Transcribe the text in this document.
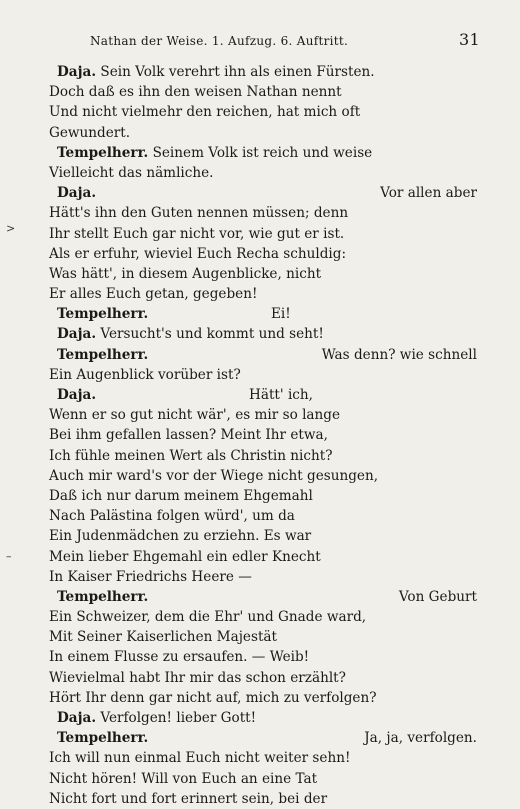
Nathan der Weise. 1. Aufzug. 6. Auftritt.	31
>
–
Daja. Sein Volk verehrt ihn als einen Fürsten.
Doch daß es ihn den weisen Nathan nennt
Und nicht vielmehr den reichen, hat mich oft
Gewundert.
Tempelherr. Seinem Volk ist reich und weise
Vielleicht das nämliche.
Daja.	Vor allen aber
Hätt's ihn den Guten nennen müssen; denn
Ihr stellt Euch gar nicht vor, wie gut er ist.
Als er erfuhr, wieviel Euch Recha schuldig:
Was hätt', in diesem Augenblicke, nicht
Er alles Euch getan, gegeben!
Tempelherr.	Ei!
Daja. Versucht's und kommt und seht!
Tempelherr.	Was denn? wie schnell
Ein Augenblick vorüber ist?
Daja.	Hätt' ich,
Wenn er so gut nicht wär', es mir so lange
Bei ihm gefallen lassen? Meint Ihr etwa,
Ich fühle meinen Wert als Christin nicht?
Auch mir ward's vor der Wiege nicht gesungen,
Daß ich nur darum meinem Ehgemahl
Nach Palästina folgen würd', um da
Ein Judenmädchen zu erziehn. Es war
Mein lieber Ehgemahl ein edler Knecht
In Kaiser Friedrichs Heere —
Tempelherr.	Von Geburt
Ein Schweizer, dem die Ehr' und Gnade ward,
Mit Seiner Kaiserlichen Majestät
In einem Flusse zu ersaufen. — Weib!
Wievielmal habt Ihr mir das schon erzählt?
Hört Ihr denn gar nicht auf, mich zu verfolgen?
Daja. Verfolgen! lieber Gott!
Tempelherr.	Ja, ja, verfolgen.
Ich will nun einmal Euch nicht weiter sehn!
Nicht hören! Will von Euch an eine Tat
Nicht fort und fort erinnert sein, bei der
